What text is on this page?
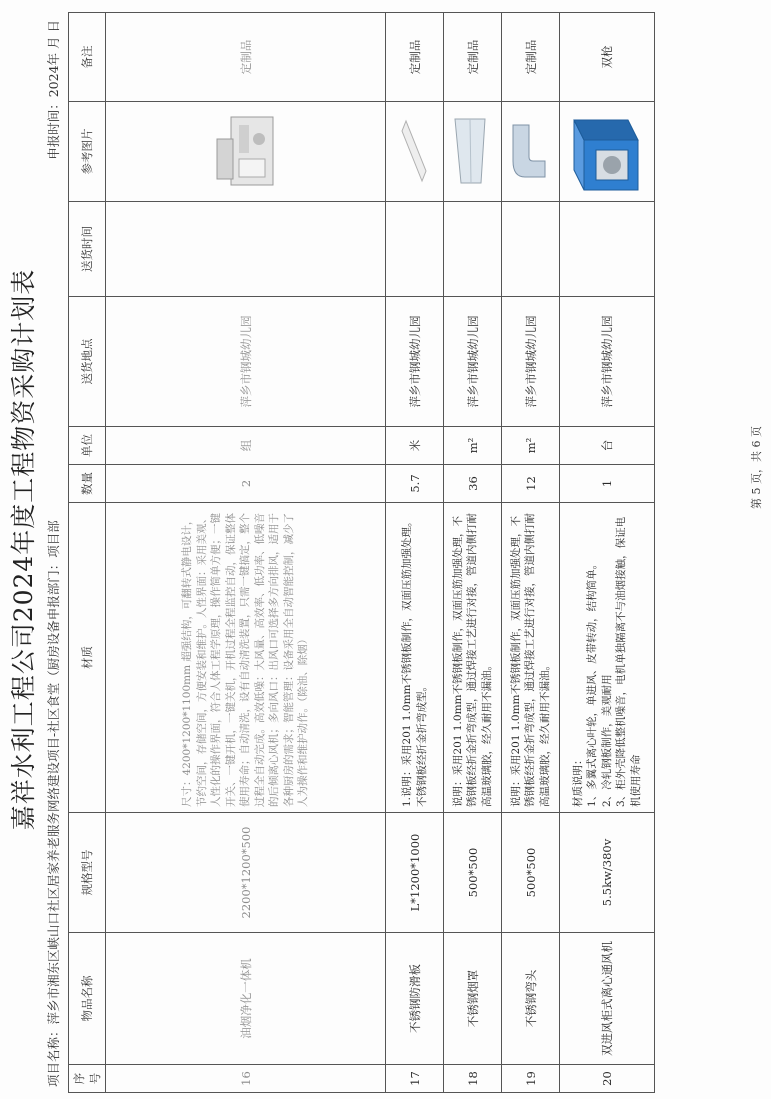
嘉祥水利工程公司2024年度工程物资采购计划表 项目名称：萍乡市湘东区峡山口社区居家养老服务网络建设项目-社区食堂（厨房设备申报部门：项目部
申报时间：2024年 月 日
序号	物品名称	规格型号	材质	数量	单位	送货地点	送货时间	参考图片	备注
16	油烟净化一体机	2200*1200*500	尺寸：4200*1200*1100mm 超强结构，可翻转式静电设计，节约空间，存储空间，方便安装和维护。人性界面：采用美观、人性化的操作界面，符合人体工程学原理，操作简单方便；一键开关、一键开机，一键关机，开机过程全程监控自动，保证整体使用寿命；自动清洗，设有自动清洗装置，只需一键搞定，整个过程全自动完成。高效低噪：大风量、高效率、低功率、低噪音的后倾离心风机；多向风口：出风口可选择多方向排风，适用于各种厨房的需求；智能管理：设备采用全自动智能控制，减少了人为操作和维护动作。（除油、除烟）	2	组	萍乡市钢城幼儿园			定制品
17	不锈钢防滑板	L*1200*1000	1.说明：采用201 1.0mm不锈钢板制作，双面压筋加强处理。不锈钢板经折金折弯成型。	5.7	米	萍乡市钢城幼儿园			定制品
18	不锈钢烟罩	500*500	说明：采用201 1.0mm不锈钢板制作，双面压筋加强处理，不锈钢板经折金折弯成型，通过焊接工艺进行对接，管道内侧打耐高温玻璃胶，经久耐用不漏油。	36	m²	萍乡市钢城幼儿园			定制品
19	不锈钢弯头	500*500	说明：采用201 1.0mm不锈钢板制作，双面压筋加强处理，不锈钢板经折金折弯成型，通过焊接工艺进行对接，管道内侧打耐高温玻璃胶，经久耐用不漏油。	12	m²	萍乡市钢城幼儿园			定制品
20	双进风柜式离心通风机	5.5kw/380v	材质说明：
1、多翼式离心叶轮，单进风、皮带转动，结构简单。
2、冷轧钢板制作，美观耐用
3、柜外壳降低整机噪音，电机单独隔离不与油烟接触，保证电机使用寿命	1	台	萍乡市钢城幼儿园			双枪
第 5 页，共 6 页
